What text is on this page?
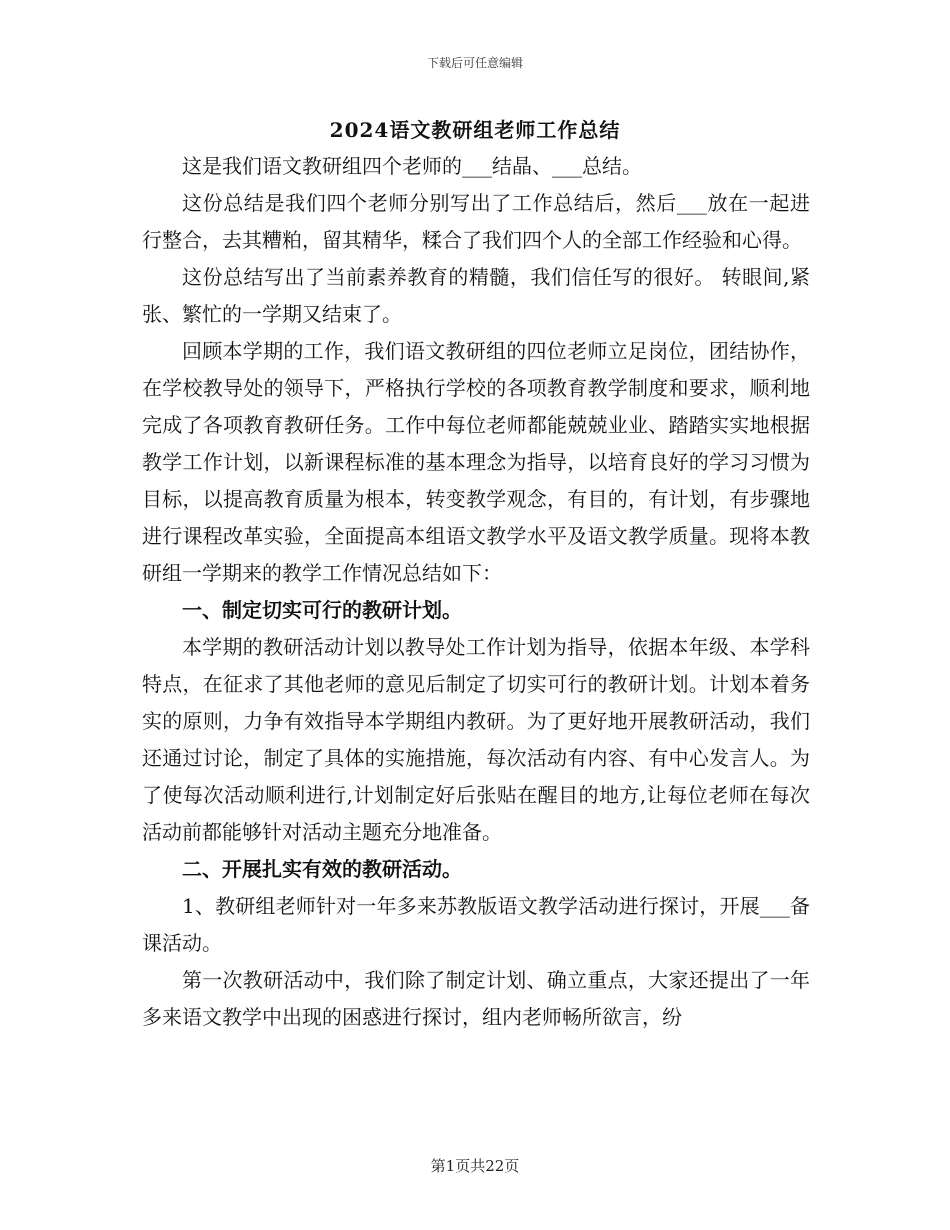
下载后可任意编辑
2024语文教研组老师工作总结

这是我们语文教研组四个老师的___结晶、___总结。

这份总结是我们四个老师分别写出了工作总结后，然后___放在一起进行整合，去其糟粕，留其精华，糅合了我们四个人的全部工作经验和心得。

这份总结写出了当前素养教育的精髓，我们信任写的很好。 转眼间,紧张、繁忙的一学期又结束了。

回顾本学期的工作，我们语文教研组的四位老师立足岗位，团结协作，在学校教导处的领导下，严格执行学校的各项教育教学制度和要求，顺利地完成了各项教育教研任务。工作中每位老师都能兢兢业业、踏踏实实地根据教学工作计划，以新课程标准的基本理念为指导，以培育良好的学习习惯为目标，以提高教育质量为根本，转变教学观念，有目的，有计划，有步骤地进行课程改革实验，全面提高本组语文教学水平及语文教学质量。现将本教研组一学期来的教学工作情况总结如下：

一、制定切实可行的教研计划。

本学期的教研活动计划以教导处工作计划为指导，依据本年级、本学科特点，在征求了其他老师的意见后制定了切实可行的教研计划。计划本着务实的原则，力争有效指导本学期组内教研。为了更好地开展教研活动，我们还通过讨论，制定了具体的实施措施，每次活动有内容、有中心发言人。为了使每次活动顺利进行,计划制定好后张贴在醒目的地方,让每位老师在每次活动前都能够针对活动主题充分地准备。

二、开展扎实有效的教研活动。

1、教研组老师针对一年多来苏教版语文教学活动进行探讨，开展___备课活动。

第一次教研活动中，我们除了制定计划、确立重点，大家还提出了一年多来语文教学中出现的困惑进行探讨，组内老师畅所欲言，纷

第1页共22页
